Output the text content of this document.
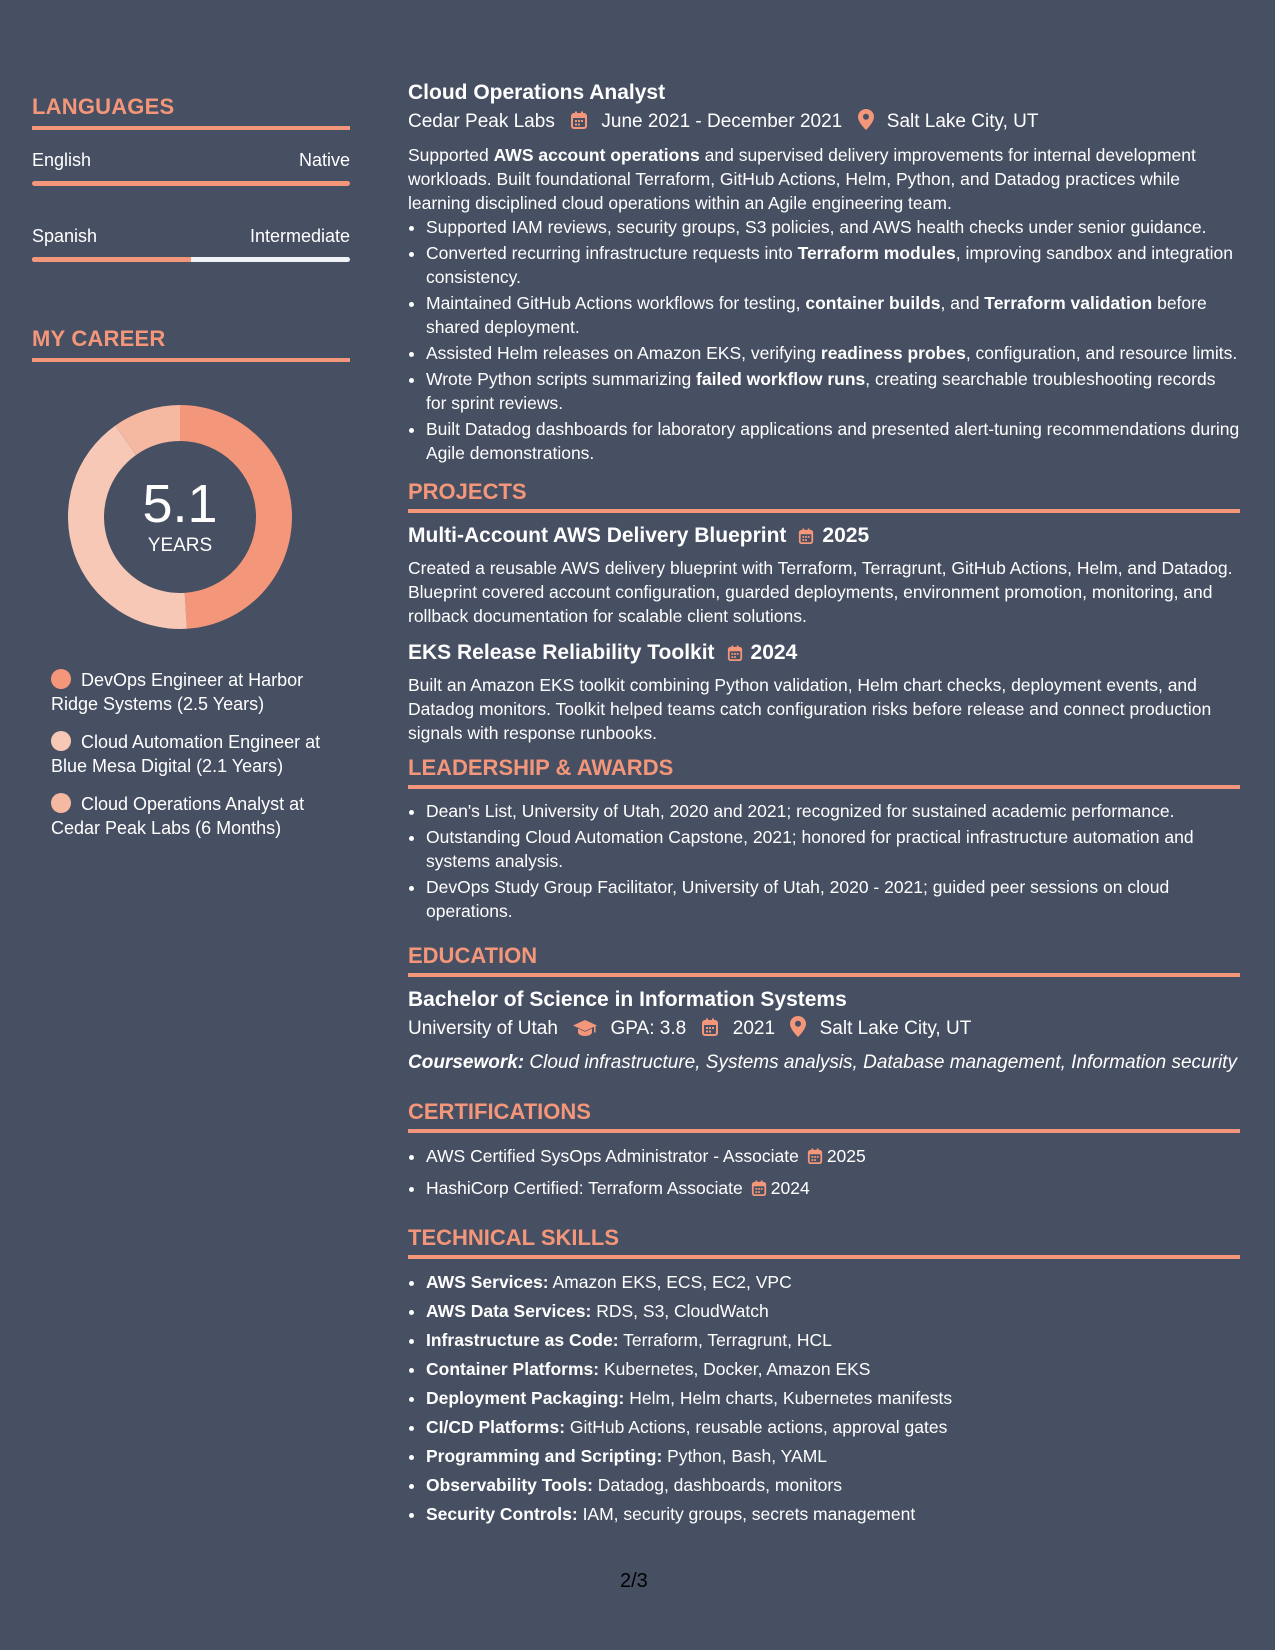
LANGUAGES
English	Native
Spanish	Intermediate
MY CAREER
5.1
YEARS
DevOps Engineer at Harbor Ridge Systems (2.5 Years)
Cloud Automation Engineer at Blue Mesa Digital (2.1 Years)
Cloud Operations Analyst at Cedar Peak Labs (6 Months)
Cloud Operations Analyst
Cedar Peak Labs June 2021 - December 2021 Salt Lake City, UT

Supported AWS account operations and supervised delivery improvements for internal development workloads. Built foundational Terraform, GitHub Actions, Helm, Python, and Datadog practices while learning disciplined cloud operations within an Agile engineering team.

• Supported IAM reviews, security groups, S3 policies, and AWS health checks under senior guidance.
• Converted recurring infrastructure requests into Terraform modules, improving sandbox and integration consistency.
• Maintained GitHub Actions workflows for testing, container builds, and Terraform validation before shared deployment.
• Assisted Helm releases on Amazon EKS, verifying readiness probes, configuration, and resource limits.
• Wrote Python scripts summarizing failed workflow runs, creating searchable troubleshooting records for sprint reviews.
• Built Datadog dashboards for laboratory applications and presented alert-tuning recommendations during Agile demonstrations.
PROJECTS
Multi-Account AWS Delivery Blueprint 2025

Created a reusable AWS delivery blueprint with Terraform, Terragrunt, GitHub Actions, Helm, and Datadog. Blueprint covered account configuration, guarded deployments, environment promotion, monitoring, and rollback documentation for scalable client solutions.

EKS Release Reliability Toolkit 2024

Built an Amazon EKS toolkit combining Python validation, Helm chart checks, deployment events, and Datadog monitors. Toolkit helped teams catch configuration risks before release and connect production signals with response runbooks.

LEADERSHIP & AWARDS
• Dean's List, University of Utah, 2020 and 2021; recognized for sustained academic performance.
• Outstanding Cloud Automation Capstone, 2021; honored for practical infrastructure automation and systems analysis.
• DevOps Study Group Facilitator, University of Utah, 2020 - 2021; guided peer sessions on cloud operations.
EDUCATION
Bachelor of Science in Information Systems
University of Utah	GPA: 3.8 2021 Salt Lake City, UT

Coursework: Cloud infrastructure, Systems analysis, Database management, Information security

CERTIFICATIONS
• AWS Certified SysOps Administrator - Associate 2025
• HashiCorp Certified: Terraform Associate 2024
TECHNICAL SKILLS
• AWS Services: Amazon EKS, ECS, EC2, VPC
• AWS Data Services: RDS, S3, CloudWatch
• Infrastructure as Code: Terraform, Terragrunt, HCL
• Container Platforms: Kubernetes, Docker, Amazon EKS
• Deployment Packaging: Helm, Helm charts, Kubernetes manifests
• CI/CD Platforms: GitHub Actions, reusable actions, approval gates
• Programming and Scripting: Python, Bash, YAML
• Observability Tools: Datadog, dashboards, monitors
• Security Controls: IAM, security groups, secrets management
2/3
